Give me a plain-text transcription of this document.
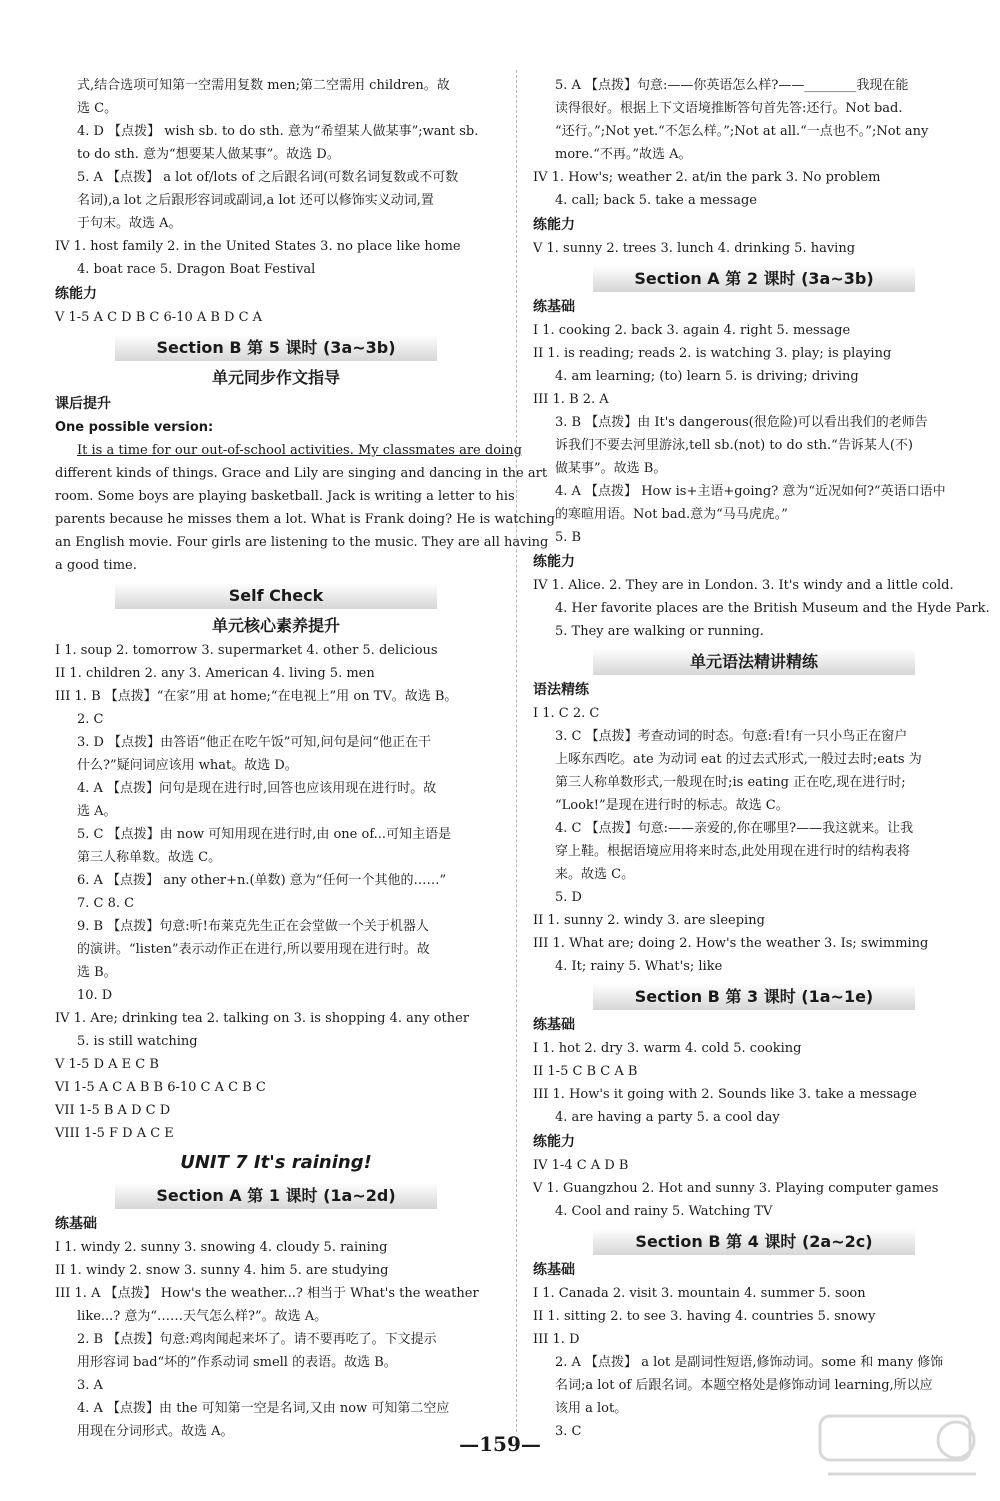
式,结合选项可知第一空需用复数 men;第二空需用 children。故
选 C。
4. D 【点拨】 wish sb. to do sth. 意为“希望某人做某事”;want sb.
to do sth. 意为“想要某人做某事”。故选 D。
5. A 【点拨】 a lot of/lots of 之后跟名词(可数名词复数或不可数
名词),a lot 之后跟形容词或副词,a lot 还可以修饰实义动词,置
于句末。故选 A。
IV 1. host family 2. in the United States 3. no place like home
4. boat race 5. Dragon Boat Festival
练能力
V 1-5 A C D B C 6-10 A B D C A
Section B 第 5 课时 (3a~3b)
单元同步作文指导
课后提升
One possible version:
It is a time for our out-of-school activities. My classmates are doing
different kinds of things. Grace and Lily are singing and dancing in the art
room. Some boys are playing basketball. Jack is writing a letter to his
parents because he misses them a lot. What is Frank doing? He is watching
an English movie. Four girls are listening to the music. They are all having
a good time.
Self Check
单元核心素养提升
I 1. soup 2. tomorrow 3. supermarket 4. other 5. delicious
II 1. children 2. any 3. American 4. living 5. men
III 1. B 【点拨】“在家”用 at home;“在电视上”用 on TV。故选 B。
2. C
3. D 【点拨】由答语“他正在吃午饭”可知,问句是问“他正在干
什么?”疑问词应该用 what。故选 D。
4. A 【点拨】问句是现在进行时,回答也应该用现在进行时。故
选 A。
5. C 【点拨】由 now 可知用现在进行时,由 one of...可知主语是
第三人称单数。故选 C。
6. A 【点拨】 any other+n.(单数) 意为“任何一个其他的……”
7. C 8. C
9. B 【点拨】句意:听!布莱克先生正在会堂做一个关于机器人
的演讲。“listen”表示动作正在进行,所以要用现在进行时。故
选 B。
10. D
IV 1. Are; drinking tea 2. talking on 3. is shopping 4. any other
5. is still watching
V 1-5 D A E C B
VI 1-5 A C A B B 6-10 C A C B C
VII 1-5 B A D C D
VIII 1-5 F D A C E
UNIT 7 It's raining!
Section A 第 1 课时 (1a~2d)
练基础
I 1. windy 2. sunny 3. snowing 4. cloudy 5. raining
II 1. windy 2. snow 3. sunny 4. him 5. are studying
III 1. A 【点拨】 How's the weather...? 相当于 What's the weather
like...? 意为“……天气怎么样?”。故选 A。
2. B 【点拨】句意:鸡肉闻起来坏了。请不要再吃了。下文提示
用形容词 bad“坏的”作系动词 smell 的表语。故选 B。
3. A
4. A 【点拨】由 the 可知第一空是名词,又由 now 可知第二空应
用现在分词形式。故选 A。
5. A 【点拨】句意:——你英语怎么样?——________我现在能
读得很好。根据上下文语境推断答句首先答:还行。Not bad.
“还行。”;Not yet.“不怎么样。”;Not at all.“一点也不。”;Not any
more.“不再。”故选 A。
IV 1. How's; weather 2. at/in the park 3. No problem
4. call; back 5. take a message
练能力
V 1. sunny 2. trees 3. lunch 4. drinking 5. having
Section A 第 2 课时 (3a~3b)
练基础
I 1. cooking 2. back 3. again 4. right 5. message
II 1. is reading; reads 2. is watching 3. play; is playing
4. am learning; (to) learn 5. is driving; driving
III 1. B 2. A
3. B 【点拨】由 It's dangerous(很危险)可以看出我们的老师告
诉我们不要去河里游泳,tell sb.(not) to do sth.“告诉某人(不)
做某事”。故选 B。
4. A 【点拨】 How is+主语+going? 意为“近况如何?”英语口语中
的寒暄用语。Not bad.意为“马马虎虎。”
5. B
练能力
IV 1. Alice. 2. They are in London. 3. It's windy and a little cold.
4. Her favorite places are the British Museum and the Hyde Park.
5. They are walking or running.
单元语法精讲精练
语法精练
I 1. C 2. C
3. C 【点拨】考查动词的时态。句意:看!有一只小鸟正在窗户
上啄东西吃。ate 为动词 eat 的过去式形式,一般过去时;eats 为
第三人称单数形式,一般现在时;is eating 正在吃,现在进行时;
“Look!”是现在进行时的标志。故选 C。
4. C 【点拨】句意:——亲爱的,你在哪里?——我这就来。让我
穿上鞋。根据语境应用将来时态,此处用现在进行时的结构表将
来。故选 C。
5. D
II 1. sunny 2. windy 3. are sleeping
III 1. What are; doing 2. How's the weather 3. Is; swimming
4. It; rainy 5. What's; like
Section B 第 3 课时 (1a~1e)
练基础
I 1. hot 2. dry 3. warm 4. cold 5. cooking
II 1-5 C B C A B
III 1. How's it going with 2. Sounds like 3. take a message
4. are having a party 5. a cool day
练能力
IV 1-4 C A D B
V 1. Guangzhou 2. Hot and sunny 3. Playing computer games
4. Cool and rainy 5. Watching TV
Section B 第 4 课时 (2a~2c)
练基础
I 1. Canada 2. visit 3. mountain 4. summer 5. soon
II 1. sitting 2. to see 3. having 4. countries 5. snowy
III 1. D
2. A 【点拨】 a lot 是副词性短语,修饰动词。some 和 many 修饰
名词;a lot of 后跟名词。本题空格处是修饰动词 learning,所以应
该用 a lot。
3. C
—159—
